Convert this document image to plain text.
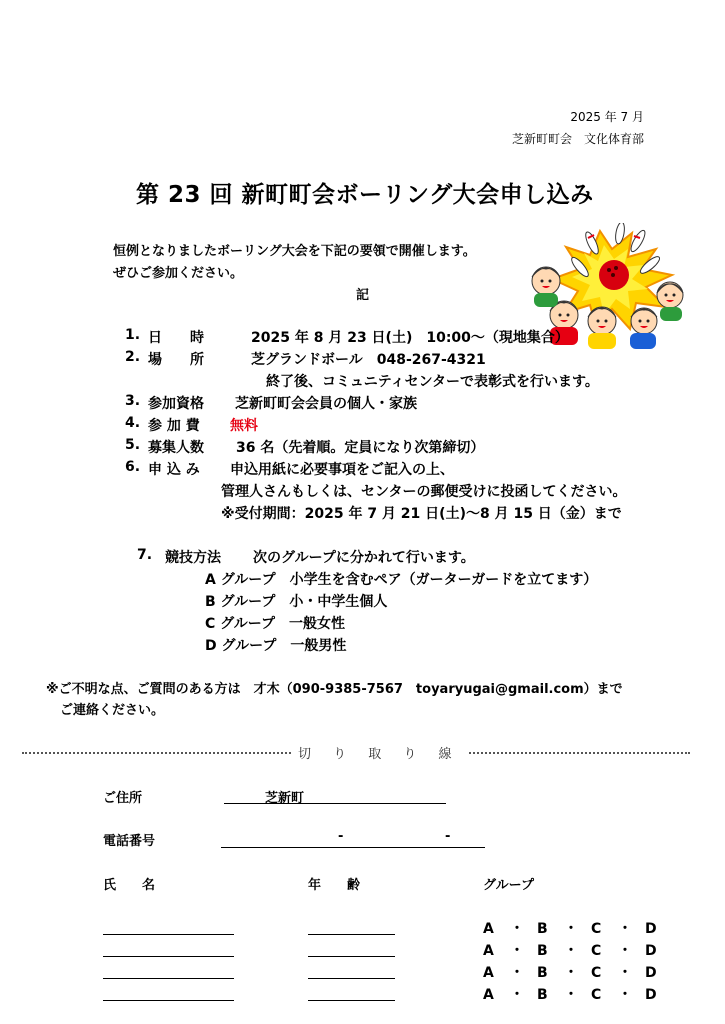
2025 年 7 月
芝新町町会　文化体育部
第 23 回 新町町会ボーリング大会申し込み
恒例となりましたボーリング大会を下記の要領で開催します。
ぜひご参加ください。
記
1. 日　　時	2025 年 8 月 23 日(土)　10:00～（現地集合）
2. 場　　所	芝グランドボール　048-267-4321
終了後、コミュニティセンターで表彰式を行います。
3. 参加資格 芝新町町会会員の個人・家族
4. 参 加 費 無料
5. 募集人数 36 名（先着順。定員になり次第締切）
6. 申 込 み 申込用紙に必要事項をご記入の上、
管理人さんもしくは、センターの郵便受けに投函してください。
※受付期間：2025 年 7 月 21 日(土)～8 月 15 日（金）まで
7. 競技方法 次のグループに分かれて行います。
A グループ　小学生を含むペア（ガーターガードを立てます）
B グループ　小・中学生個人
C グループ　一般女性
D グループ　一般男性
※ご不明な点、ご質問のある方は　才木（090-9385-7567　toyaryugai@gmail.com）まで
ご連絡ください。
切 り 取 り 線
ご住所	芝新町
電話番号	-	-
氏　　名	年　　齢	グループ
A ・ B ・ C ・ D
A ・ B ・ C ・ D
A ・ B ・ C ・ D
A ・ B ・ C ・ D
